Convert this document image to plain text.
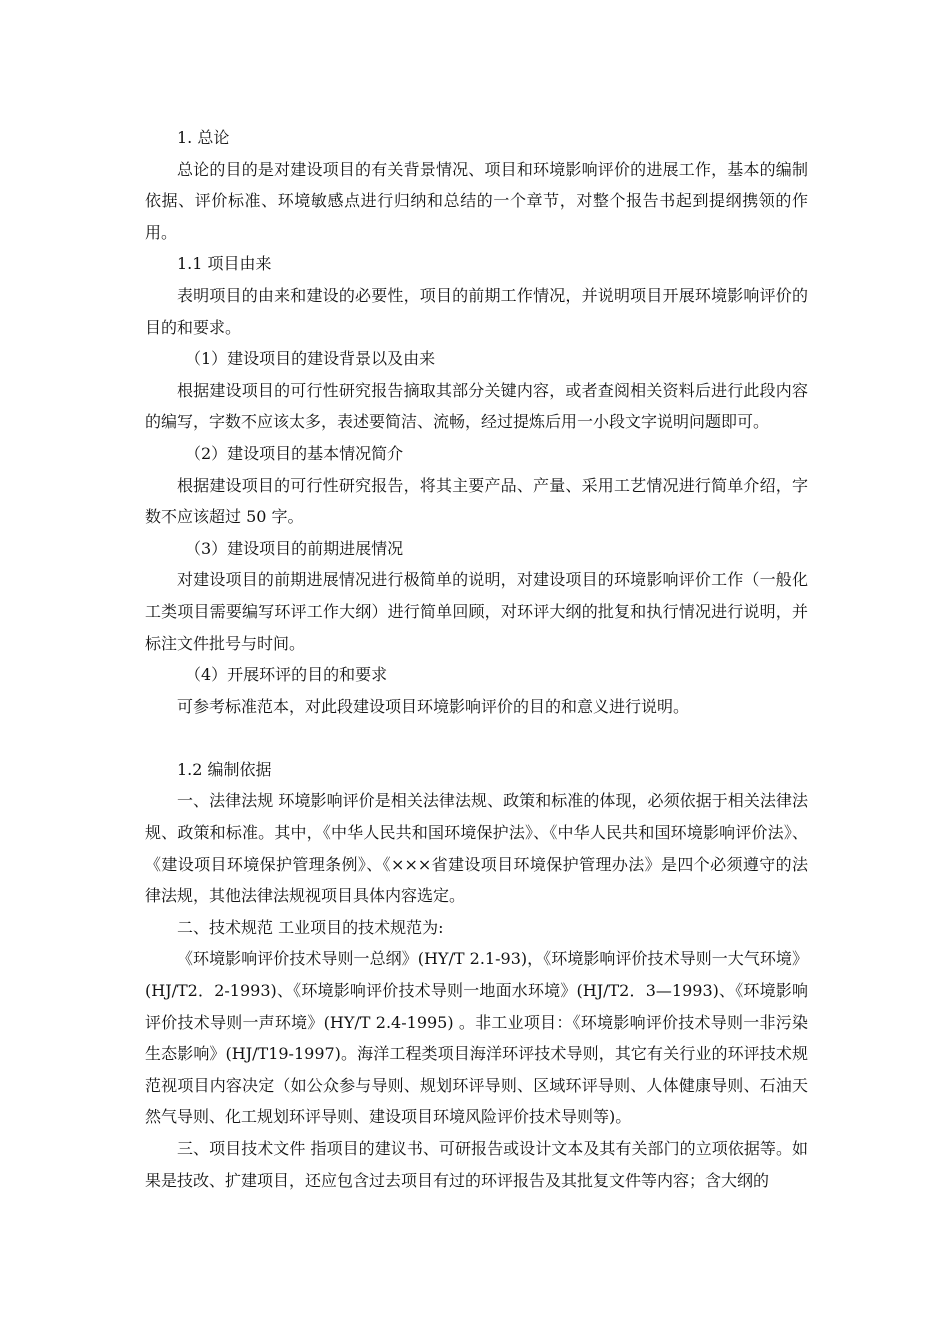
1. 总论

总论的目的是对建设项目的有关背景情况、项目和环境影响评价的进展工作，基本的编制依据、评价标准、环境敏感点进行归纳和总结的一个章节，对整个报告书起到提纲携领的作用。

1.1 项目由来

表明项目的由来和建设的必要性，项目的前期工作情况，并说明项目开展环境影响评价的目的和要求。

（1）建设项目的建设背景以及由来

根据建设项目的可行性研究报告摘取其部分关键内容，或者查阅相关资料后进行此段内容的编写，字数不应该太多，表述要简洁、流畅，经过提炼后用一小段文字说明问题即可。

（2）建设项目的基本情况简介

根据建设项目的可行性研究报告，将其主要产品、产量、采用工艺情况进行简单介绍，字数不应该超过 50 字。

（3）建设项目的前期进展情况

对建设项目的前期进展情况进行极简单的说明，对建设项目的环境影响评价工作（一般化工类项目需要编写环评工作大纲）进行简单回顾，对环评大纲的批复和执行情况进行说明，并标注文件批号与时间。

（4）开展环评的目的和要求

可参考标准范本，对此段建设项目环境影响评价的目的和意义进行说明。

1.2 编制依据

一、法律法规 环境影响评价是相关法律法规、政策和标准的体现，必须依据于相关法律法规、政策和标准。其中，《中华人民共和国环境保护法》、《中华人民共和国环境影响评价法》、《建设项目环境保护管理条例》、《×××省建设项目环境保护管理办法》是四个必须遵守的法律法规，其他法律法规视项目具体内容选定。

二、技术规范 工业项目的技术规范为:

《环境影响评价技术导则一总纲》(HY/T 2.1-93)，《环境影响评价技术导则一大气环境》(HJ/T2．2-1993)、《环境影响评价技术导则一地面水环境》(HJ/T2．3—1993)、《环境影响评价技术导则一声环境》(HY/T 2.4-1995) 。非工业项目：《环境影响评价技术导则一非污染生态影响》(HJ/T19-1997)。海洋工程类项目海洋环评技术导则，其它有关行业的环评技术规范视项目内容决定（如公众参与导则、规划环评导则、区域环评导则、人体健康导则、石油天然气导则、化工规划环评导则、建设项目环境风险评价技术导则等)。

三、项目技术文件 指项目的建议书、可研报告或设计文本及其有关部门的立项依据等。如果是技改、扩建项目，还应包含过去项目有过的环评报告及其批复文件等内容；含大纲的
